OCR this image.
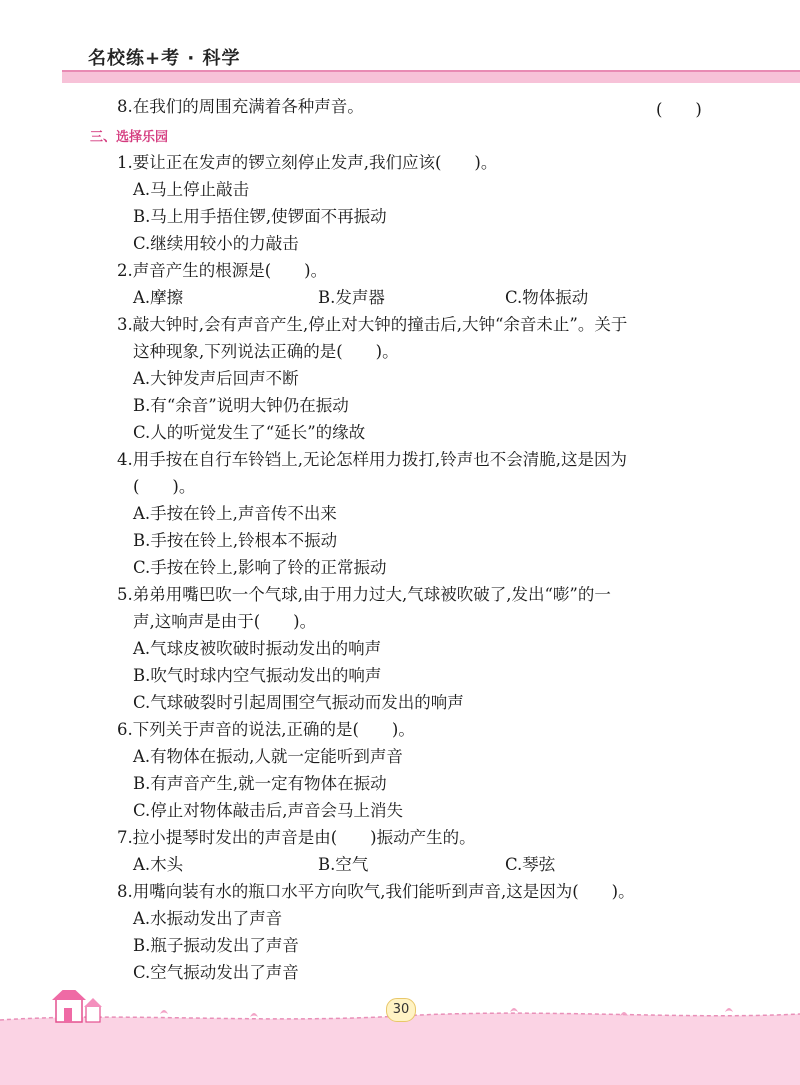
名校练+考 · 科学
8.在我们的周围充满着各种声音。	(　　)
三、选择乐园
1.要让正在发声的锣立刻停止发声,我们应该(　　)。
A.马上停止敲击
B.马上用手捂住锣,使锣面不再振动
C.继续用较小的力敲击
2.声音产生的根源是(　　)。
A.摩擦	B.发声器	C.物体振动
3.敲大钟时,会有声音产生,停止对大钟的撞击后,大钟“余音未止”。关于
这种现象,下列说法正确的是(　　)。
A.大钟发声后回声不断
B.有“余音”说明大钟仍在振动
C.人的听觉发生了“延长”的缘故
4.用手按在自行车铃铛上,无论怎样用力拨打,铃声也不会清脆,这是因为
(　　)。
A.手按在铃上,声音传不出来
B.手按在铃上,铃根本不振动
C.手按在铃上,影响了铃的正常振动
5.弟弟用嘴巴吹一个气球,由于用力过大,气球被吹破了,发出“嘭”的一
声,这响声是由于(　　)。
A.气球皮被吹破时振动发出的响声
B.吹气时球内空气振动发出的响声
C.气球破裂时引起周围空气振动而发出的响声
6.下列关于声音的说法,正确的是(　　)。
A.有物体在振动,人就一定能听到声音
B.有声音产生,就一定有物体在振动
C.停止对物体敲击后,声音会马上消失
7.拉小提琴时发出的声音是由(　　)振动产生的。
A.木头	B.空气	C.琴弦
8.用嘴向装有水的瓶口水平方向吹气,我们能听到声音,这是因为(　　)。
A.水振动发出了声音
B.瓶子振动发出了声音
C.空气振动发出了声音
30
